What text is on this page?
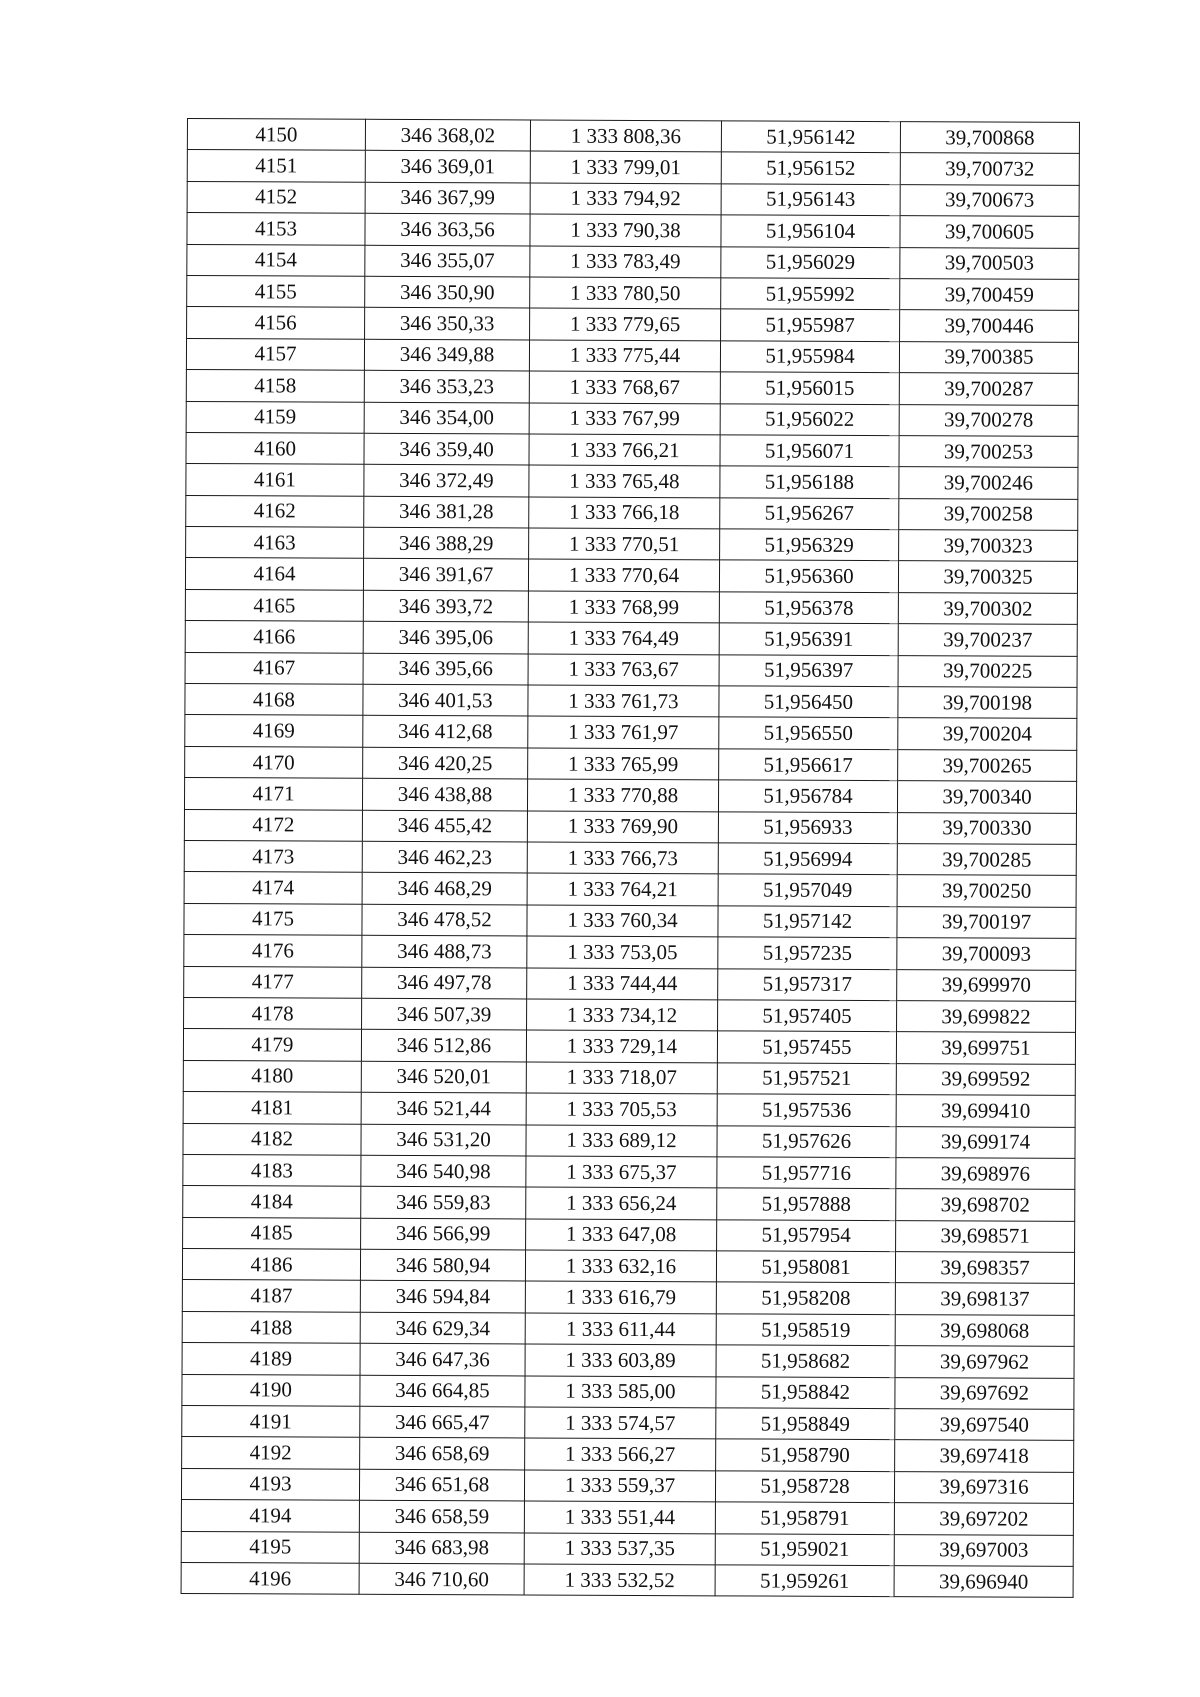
4150	346 368,02	1 333 808,36	51,956142	39,700868
4151	346 369,01	1 333 799,01	51,956152	39,700732
4152	346 367,99	1 333 794,92	51,956143	39,700673
4153	346 363,56	1 333 790,38	51,956104	39,700605
4154	346 355,07	1 333 783,49	51,956029	39,700503
4155	346 350,90	1 333 780,50	51,955992	39,700459
4156	346 350,33	1 333 779,65	51,955987	39,700446
4157	346 349,88	1 333 775,44	51,955984	39,700385
4158	346 353,23	1 333 768,67	51,956015	39,700287
4159	346 354,00	1 333 767,99	51,956022	39,700278
4160	346 359,40	1 333 766,21	51,956071	39,700253
4161	346 372,49	1 333 765,48	51,956188	39,700246
4162	346 381,28	1 333 766,18	51,956267	39,700258
4163	346 388,29	1 333 770,51	51,956329	39,700323
4164	346 391,67	1 333 770,64	51,956360	39,700325
4165	346 393,72	1 333 768,99	51,956378	39,700302
4166	346 395,06	1 333 764,49	51,956391	39,700237
4167	346 395,66	1 333 763,67	51,956397	39,700225
4168	346 401,53	1 333 761,73	51,956450	39,700198
4169	346 412,68	1 333 761,97	51,956550	39,700204
4170	346 420,25	1 333 765,99	51,956617	39,700265
4171	346 438,88	1 333 770,88	51,956784	39,700340
4172	346 455,42	1 333 769,90	51,956933	39,700330
4173	346 462,23	1 333 766,73	51,956994	39,700285
4174	346 468,29	1 333 764,21	51,957049	39,700250
4175	346 478,52	1 333 760,34	51,957142	39,700197
4176	346 488,73	1 333 753,05	51,957235	39,700093
4177	346 497,78	1 333 744,44	51,957317	39,699970
4178	346 507,39	1 333 734,12	51,957405	39,699822
4179	346 512,86	1 333 729,14	51,957455	39,699751
4180	346 520,01	1 333 718,07	51,957521	39,699592
4181	346 521,44	1 333 705,53	51,957536	39,699410
4182	346 531,20	1 333 689,12	51,957626	39,699174
4183	346 540,98	1 333 675,37	51,957716	39,698976
4184	346 559,83	1 333 656,24	51,957888	39,698702
4185	346 566,99	1 333 647,08	51,957954	39,698571
4186	346 580,94	1 333 632,16	51,958081	39,698357
4187	346 594,84	1 333 616,79	51,958208	39,698137
4188	346 629,34	1 333 611,44	51,958519	39,698068
4189	346 647,36	1 333 603,89	51,958682	39,697962
4190	346 664,85	1 333 585,00	51,958842	39,697692
4191	346 665,47	1 333 574,57	51,958849	39,697540
4192	346 658,69	1 333 566,27	51,958790	39,697418
4193	346 651,68	1 333 559,37	51,958728	39,697316
4194	346 658,59	1 333 551,44	51,958791	39,697202
4195	346 683,98	1 333 537,35	51,959021	39,697003
4196	346 710,60	1 333 532,52	51,959261	39,696940
